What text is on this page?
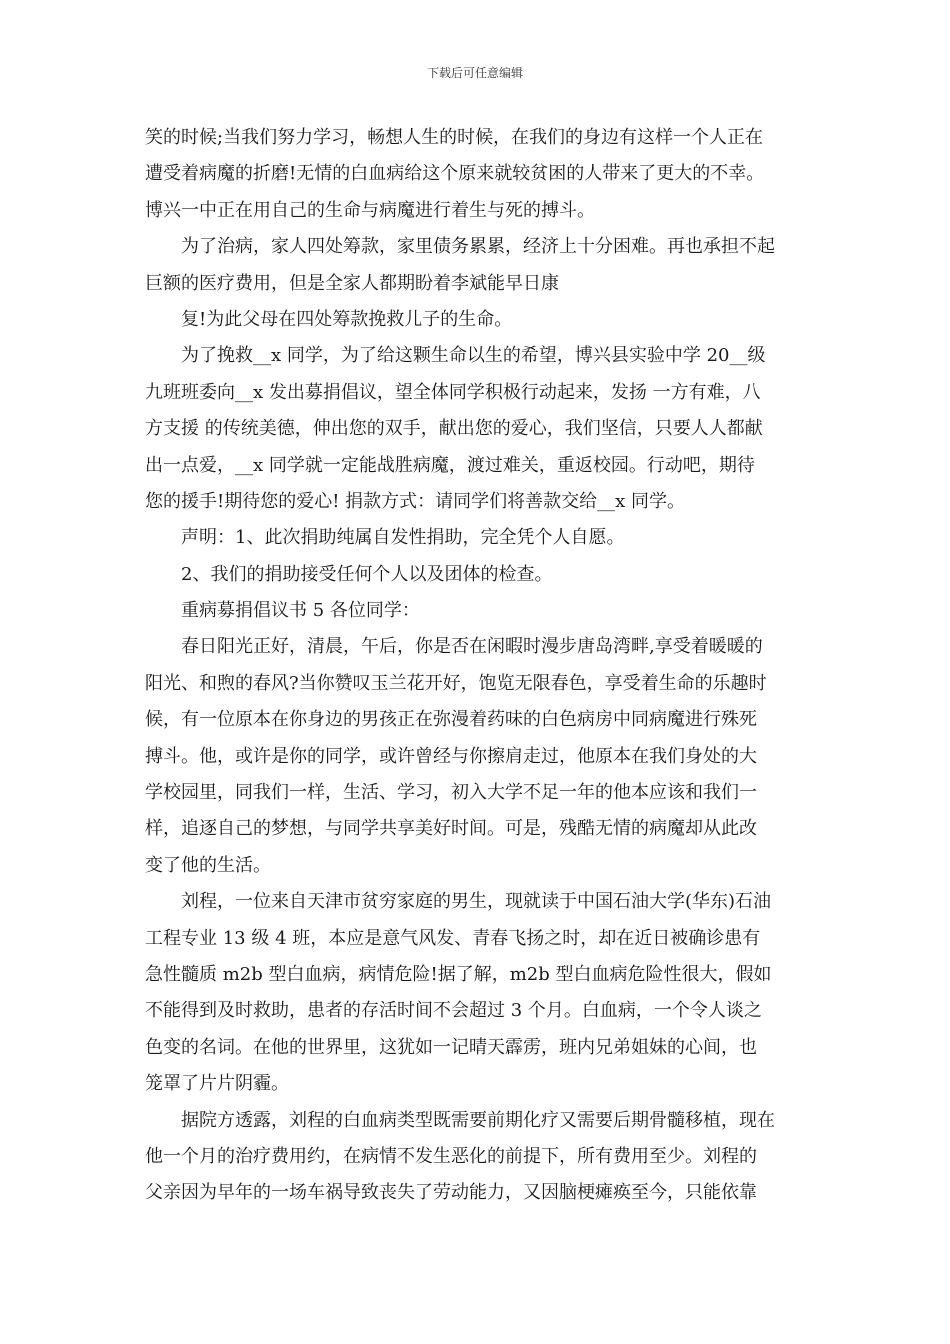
下载后可任意编辑
笑的时候;当我们努力学习，畅想人生的时候，在我们的身边有这样一个人正在
遭受着病魔的折磨!无情的白血病给这个原来就较贫困的人带来了更大的不幸。
博兴一中正在用自己的生命与病魔进行着生与死的搏斗。
　　为了治病，家人四处筹款，家里债务累累，经济上十分困难。再也承担不起
巨额的医疗费用，但是全家人都期盼着李斌能早日康
　　复!为此父母在四处筹款挽救儿子的生命。
　　为了挽救__x 同学，为了给这颗生命以生的希望，博兴县实验中学 20__级
九班班委向__x 发出募捐倡议，望全体同学积极行动起来，发扬 一方有难，八
方支援 的传统美德，伸出您的双手，献出您的爱心，我们坚信，只要人人都献
出一点爱，__x 同学就一定能战胜病魔，渡过难关，重返校园。行动吧，期待
您的援手!期待您的爱心! 捐款方式：请同学们将善款交给__x 同学。
　　声明：1、此次捐助纯属自发性捐助，完全凭个人自愿。
　　2、我们的捐助接受任何个人以及团体的检查。
　　重病募捐倡议书 5 各位同学：
　　春日阳光正好，清晨，午后，你是否在闲暇时漫步唐岛湾畔,享受着暖暖的
阳光、和煦的春风?当你赞叹玉兰花开好，饱览无限春色，享受着生命的乐趣时
候，有一位原本在你身边的男孩正在弥漫着药味的白色病房中同病魔进行殊死
搏斗。他，或许是你的同学，或许曾经与你擦肩走过，他原本在我们身处的大
学校园里，同我们一样，生活、学习，初入大学不足一年的他本应该和我们一
样，追逐自己的梦想，与同学共享美好时间。可是，残酷无情的病魔却从此改
变了他的生活。
　　刘程，一位来自天津市贫穷家庭的男生，现就读于中国石油大学(华东)石油
工程专业 13 级 4 班，本应是意气风发、青春飞扬之时，却在近日被确诊患有
急性髓质 m2b 型白血病，病情危险!据了解，m2b 型白血病危险性很大，假如
不能得到及时救助，患者的存活时间不会超过 3 个月。白血病，一个令人谈之
色变的名词。在他的世界里，这犹如一记晴天霹雳，班内兄弟姐妹的心间，也
笼罩了片片阴霾。
　　据院方透露，刘程的白血病类型既需要前期化疗又需要后期骨髓移植，现在
他一个月的治疗费用约，在病情不发生恶化的前提下，所有费用至少。刘程的
父亲因为早年的一场车祸导致丧失了劳动能力，又因脑梗瘫痪至今，只能依靠
